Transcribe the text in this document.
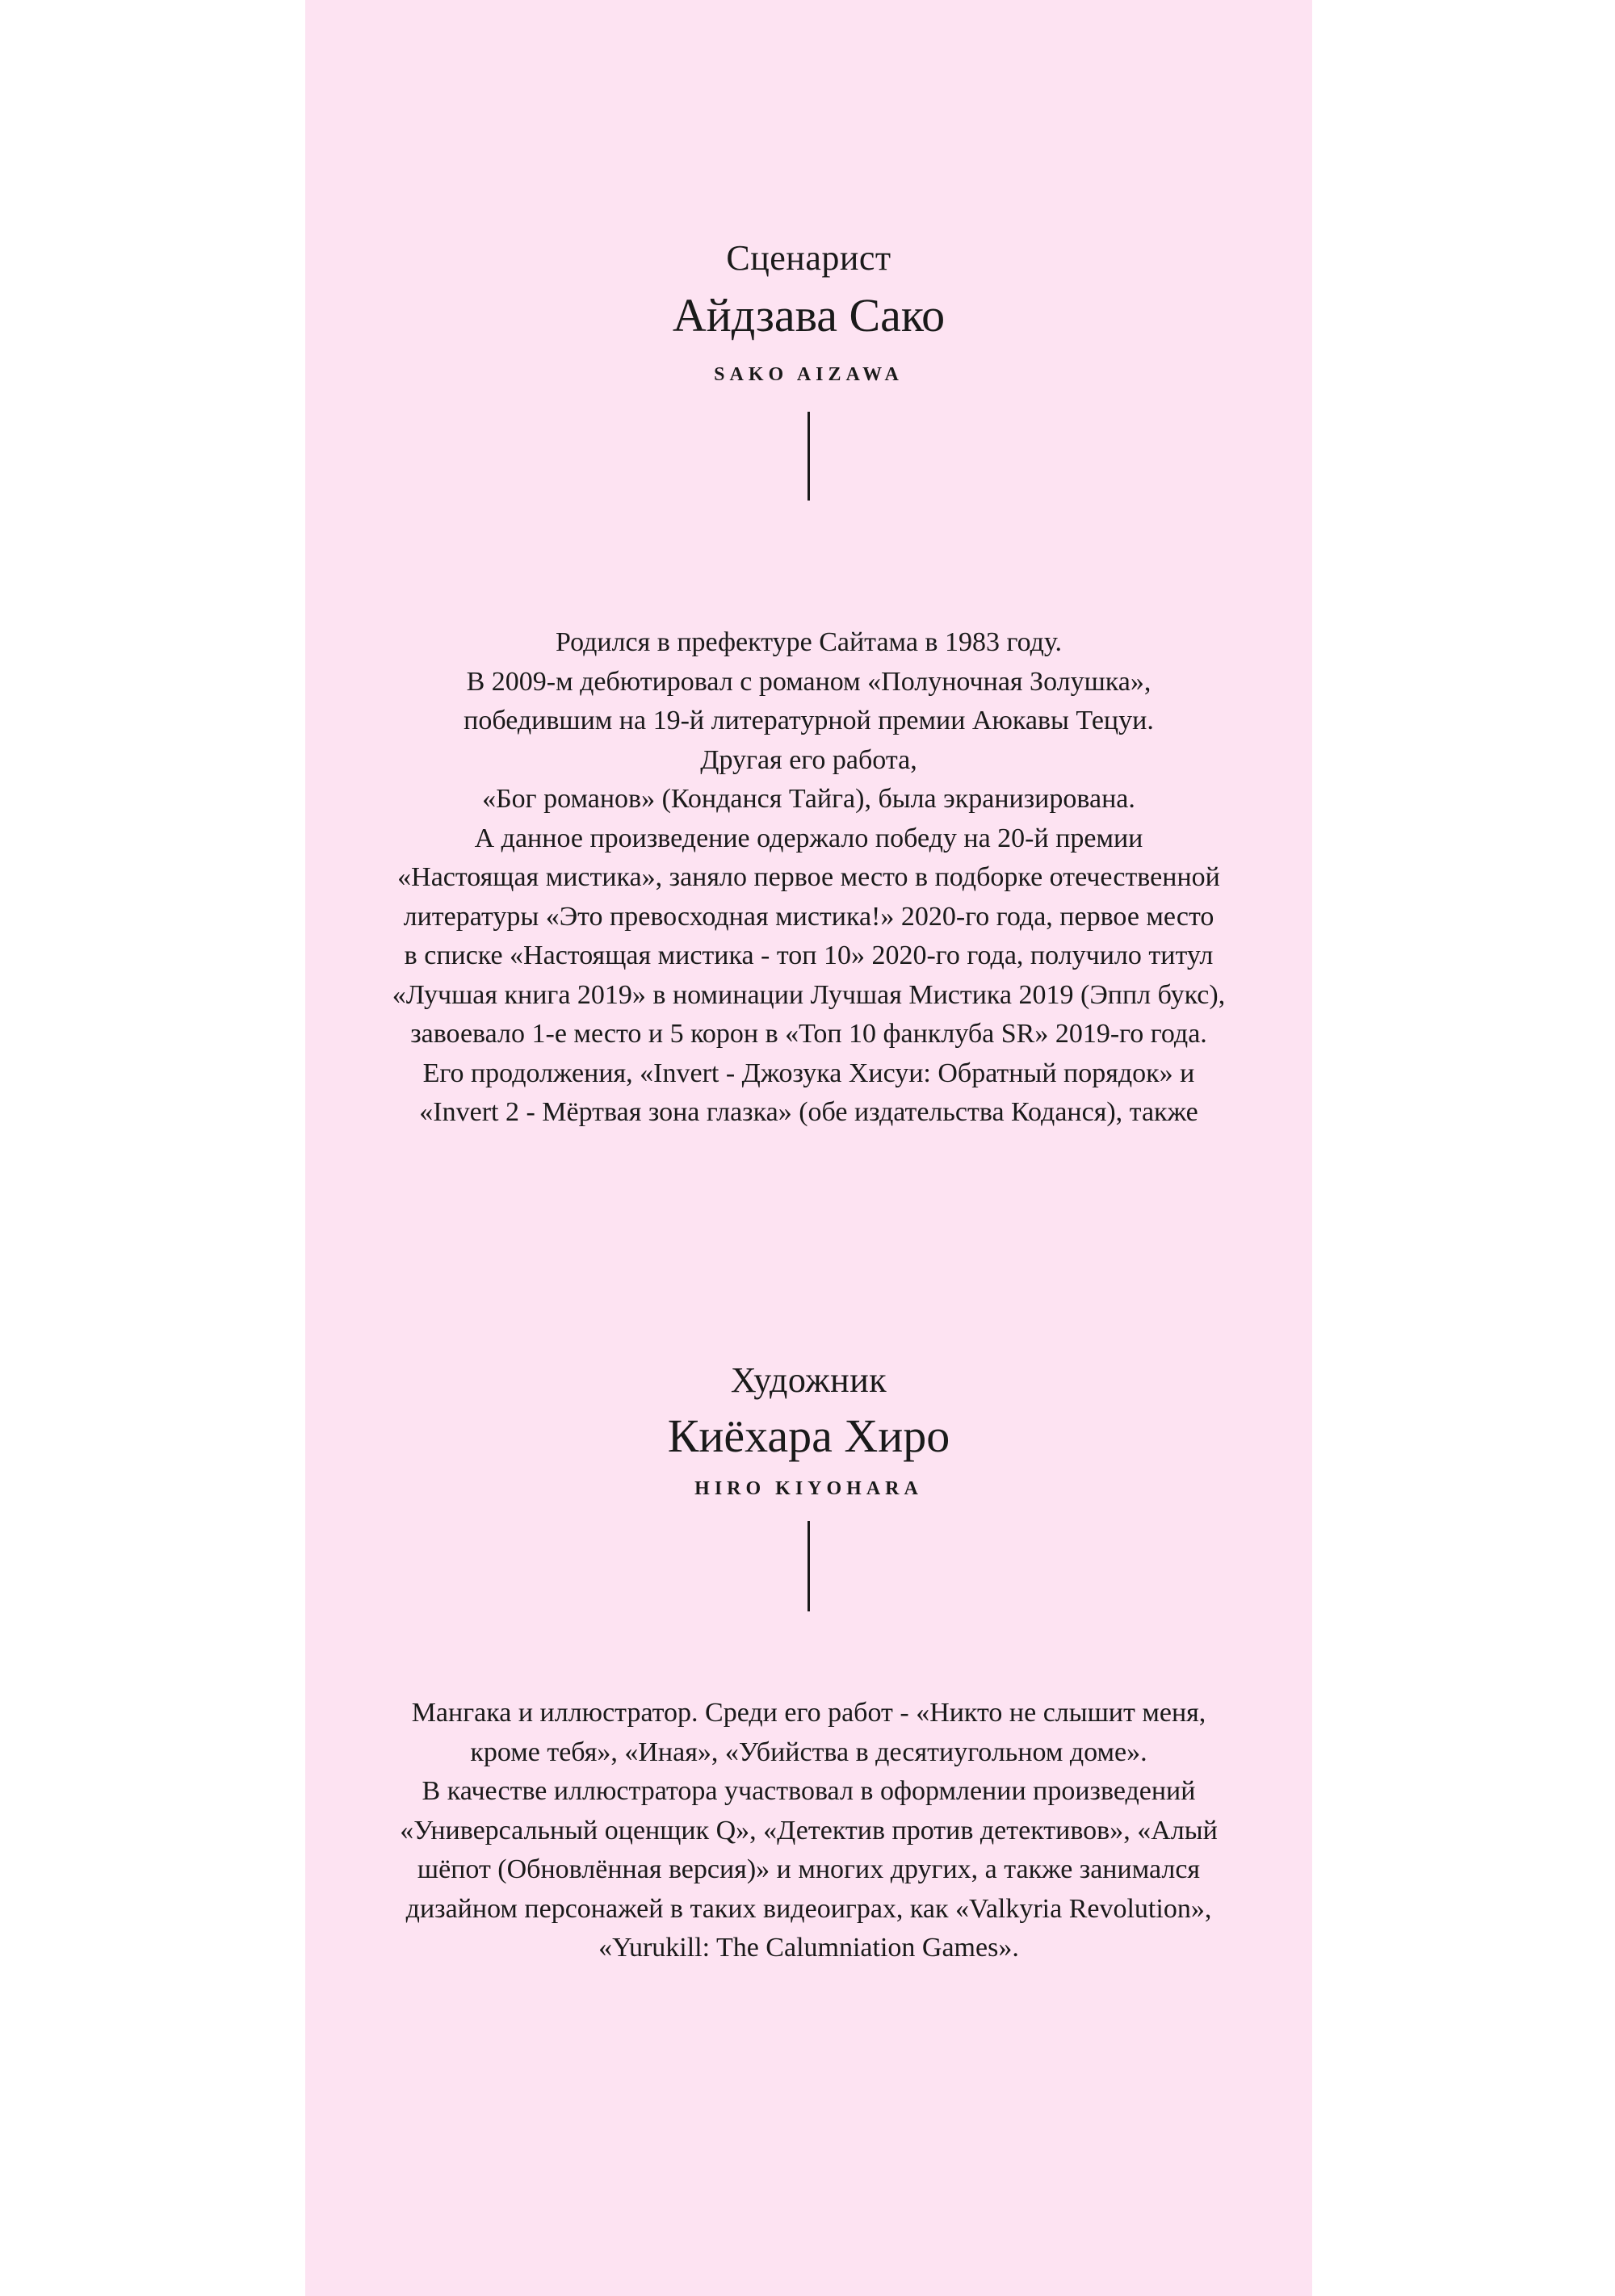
Сценарист
Айдзава Сако
SAKO AIZAWA
Родился в префектуре Сайтама в 1983 году.
В 2009-м дебютировал с романом «Полуночная Золушка»,
победившим на 19-й литературной премии Аюкавы Тецуи.
Другая его работа,
«Бог романов» (Конданся Тайга), была экранизирована.
А данное произведение одержало победу на 20-й премии
«Настоящая мистика», заняло первое место в подборке отечественной
литературы «Это превосходная мистика!» 2020-го года, первое место
в списке «Настоящая мистика - топ 10» 2020-го года, получило титул
«Лучшая книга 2019» в номинации Лучшая Мистика 2019 (Эппл букс),
завоевало 1-е место и 5 корон в «Топ 10 фанклуба SR» 2019-го года.
Его продолжения, «Invert - Джозука Хисуи: Обратный порядок» и
«Invert 2 - Мёртвая зона глазка» (обе издательства Коданся), также
Художник
Киёхара Хиро
HIRO KIYOHARA
Мангака и иллюстратор. Среди его работ - «Никто не слышит меня,
кроме тебя», «Иная», «Убийства в десятиугольном доме».
В качестве иллюстратора участвовал в оформлении произведений
«Универсальный оценщик Q», «Детектив против детективов», «Алый
шёпот (Обновлённая версия)» и многих других, а также занимался
дизайном персонажей в таких видеоиграх, как «Valkyria Revolution»,
«Yurukill: The Calumniation Games».
